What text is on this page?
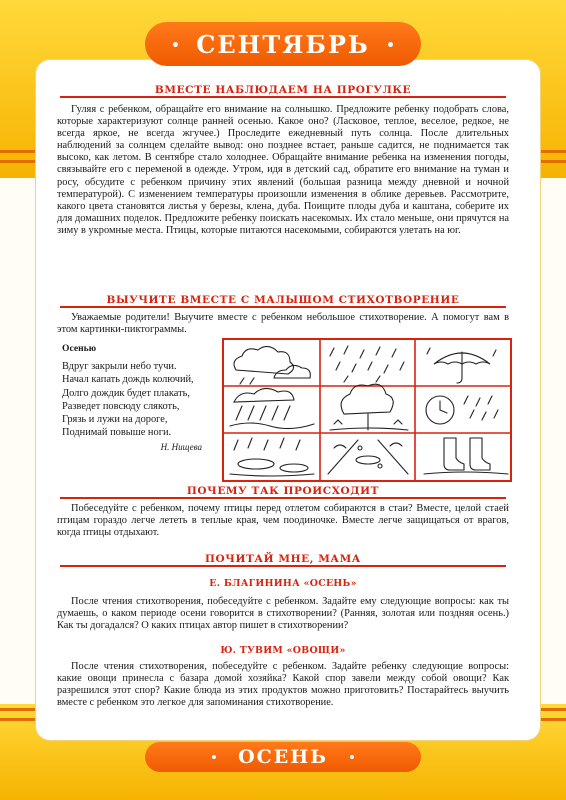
СЕНТЯБРЬ
ВМЕСТЕ НАБЛЮДАЕМ НА ПРОГУЛКЕ

Гуляя с ребенком, обращайте его внимание на солнышко. Предложите ребенку подобрать слова, которые характеризуют солнце ранней осенью. Какое оно? (Ласковое, теплое, веселое, редкое, не всегда яркое, не всегда жгучее.) Проследите ежедневный путь солнца. После длительных наблюдений за солнцем сделайте вывод: оно позднее встает, раньше садится, не поднимается так высоко, как летом. В сентябре стало холоднее. Обращайте внимание ребенка на изменения погоды, связывайте его с переменой в одежде. Утром, идя в детский сад, обратите его внимание на туман и росу, обсудите с ребенком причину этих явлений (большая разница между дневной и ночной температурой). С изменением температуры произошли изменения в облике деревьев. Рассмотрите, какого цвета становятся листья у березы, клена, дуба. Поищите плоды дуба и каштана, соберите их для домашних поделок. Предложите ребенку поискать насекомых. Их стало меньше, они прячутся на зиму в укромные места. Птицы, которые питаются насекомыми, собираются улетать на юг.

ВЫУЧИТЕ ВМЕСТЕ С МАЛЫШОМ СТИХОТВОРЕНИЕ

Уважаемые родители! Выучите вместе с ребенком небольшое стихотворение. А помогут вам в этом картинки-пиктограммы.

Осенью
Вдруг закрыли небо тучи.
Начал капать дождь колючий,
Долго дождик будет плакать,
Разведет повсюду слякоть,
Грязь и лужи на дороге,
Поднимай повыше ноги.
Н. Нищева
ПОЧЕМУ ТАК ПРОИСХОДИТ

Побеседуйте с ребенком, почему птицы перед отлетом собираются в стаи? Вместе, целой стаей птицам гораздо легче лететь в теплые края, чем поодиночке. Вместе легче защищаться от врагов, когда птицы отдыхают.

ПОЧИТАЙ МНЕ, МАМА
Е. БЛАГИНИНА «ОСЕНЬ»

После чтения стихотворения, побеседуйте с ребенком. Задайте ему следующие вопросы: как ты думаешь, о каком периоде осени говорится в стихотворении? (Ранняя, золотая или поздняя осень.) Как ты догадался? О каких птицах автор пишет в стихотворении?

Ю. ТУВИМ «ОВОЩИ»

После чтения стихотворения, побеседуйте с ребенком. Задайте ребенку следующие вопросы: какие овощи принесла с базара домой хозяйка? Какой спор завели между собой овощи? Как разрешился этот спор? Какие блюда из этих продуктов можно приготовить? Постарайтесь выучить вместе с ребенком это легкое для запоминания стихотворение.

ОСЕНЬ
